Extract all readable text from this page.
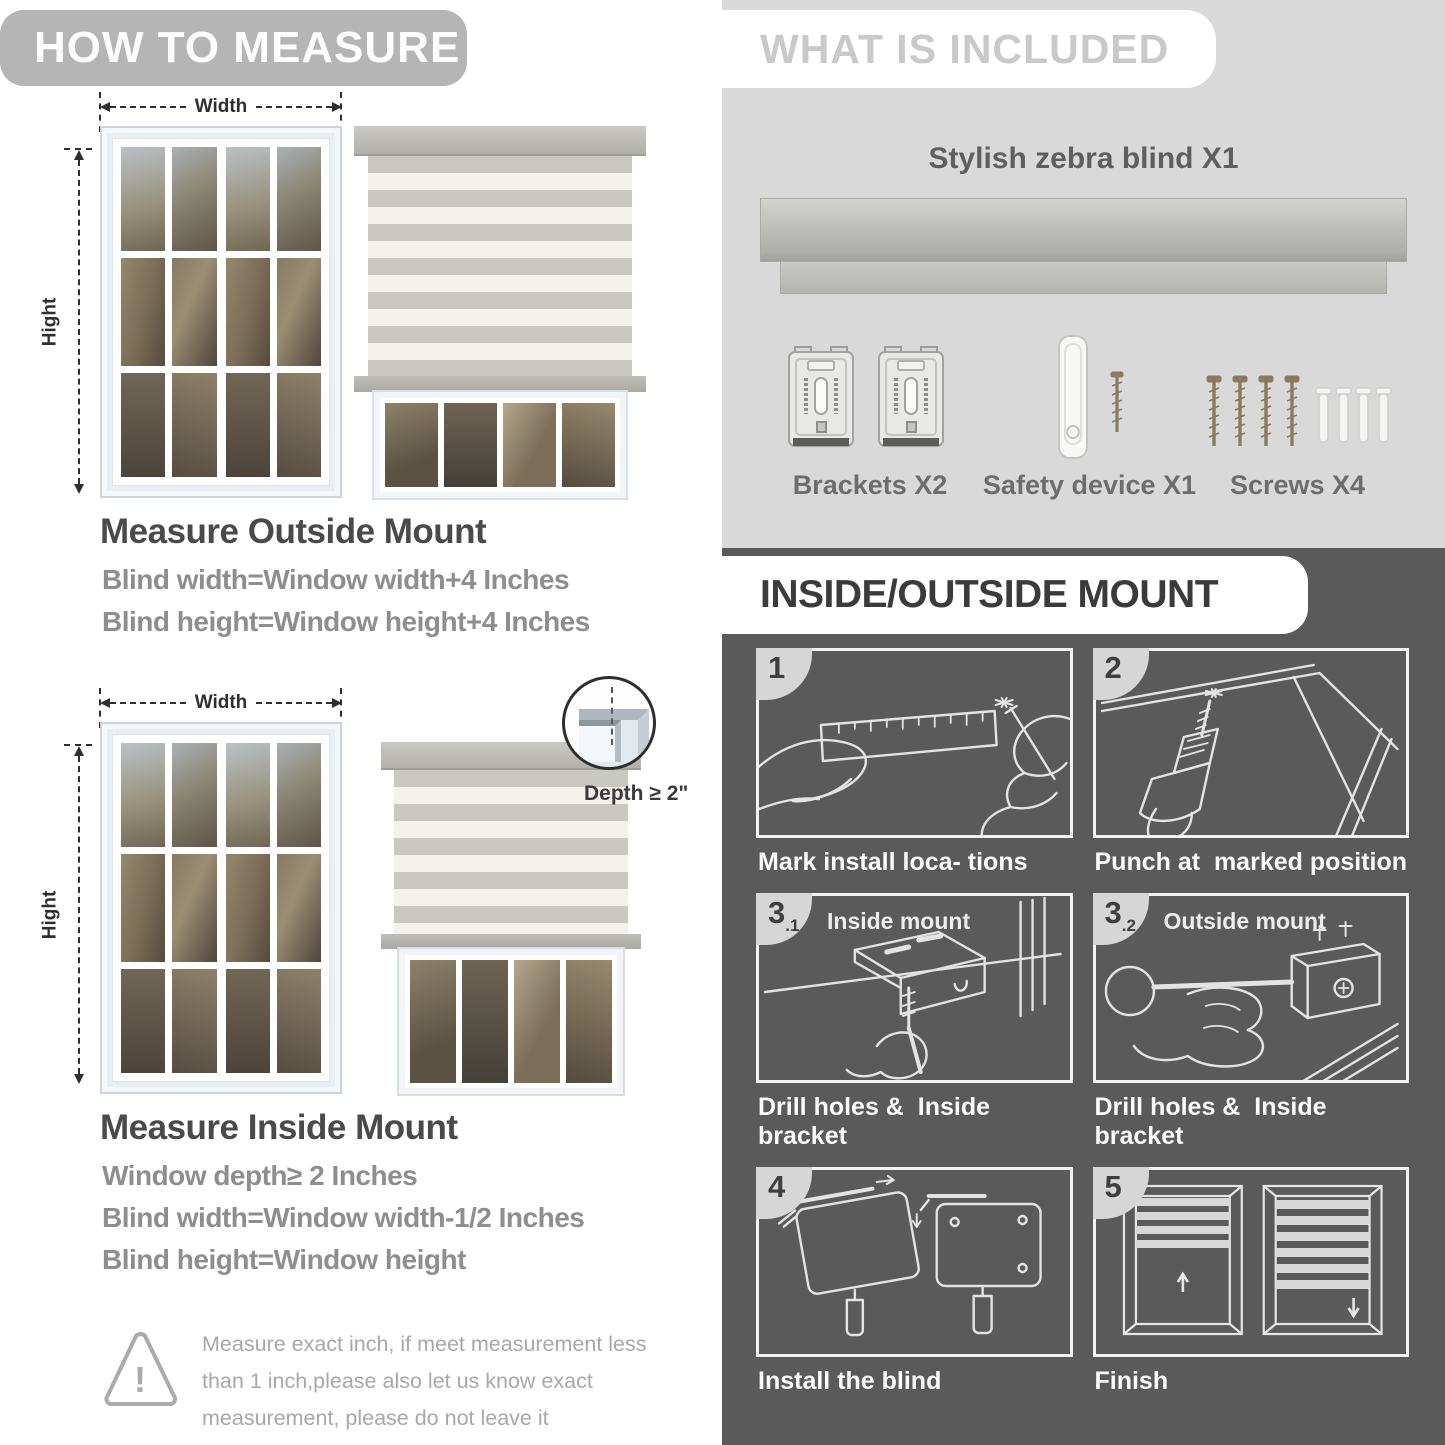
HOW TO MEASURE
Width
Hight
Measure Outside Mount

Blind width=Window width+4 Inches

Blind height=Window height+4 Inches

Width
Hight
Depth ≥ 2"
Measure Inside Mount

Window depth≥ 2 Inches

Blind width=Window width-1/2 Inches

Blind height=Window height

!

Measure exact inch, if meet measurement less than 1 inch,please also let us know exact measurement, please do not leave it

WHAT IS INCLUDED
Stylish zebra blind X1
Brackets X2	Safety device X1	Screws X4
INSIDE/OUTSIDE MOUNT
1
Mark install loca- tions
2
Punch at  marked position
3 .1 Inside mount
Drill holes &  Inside bracket
3 .2 Outside mount
Drill holes &  Inside bracket
4
Install the blind
5
Finish
